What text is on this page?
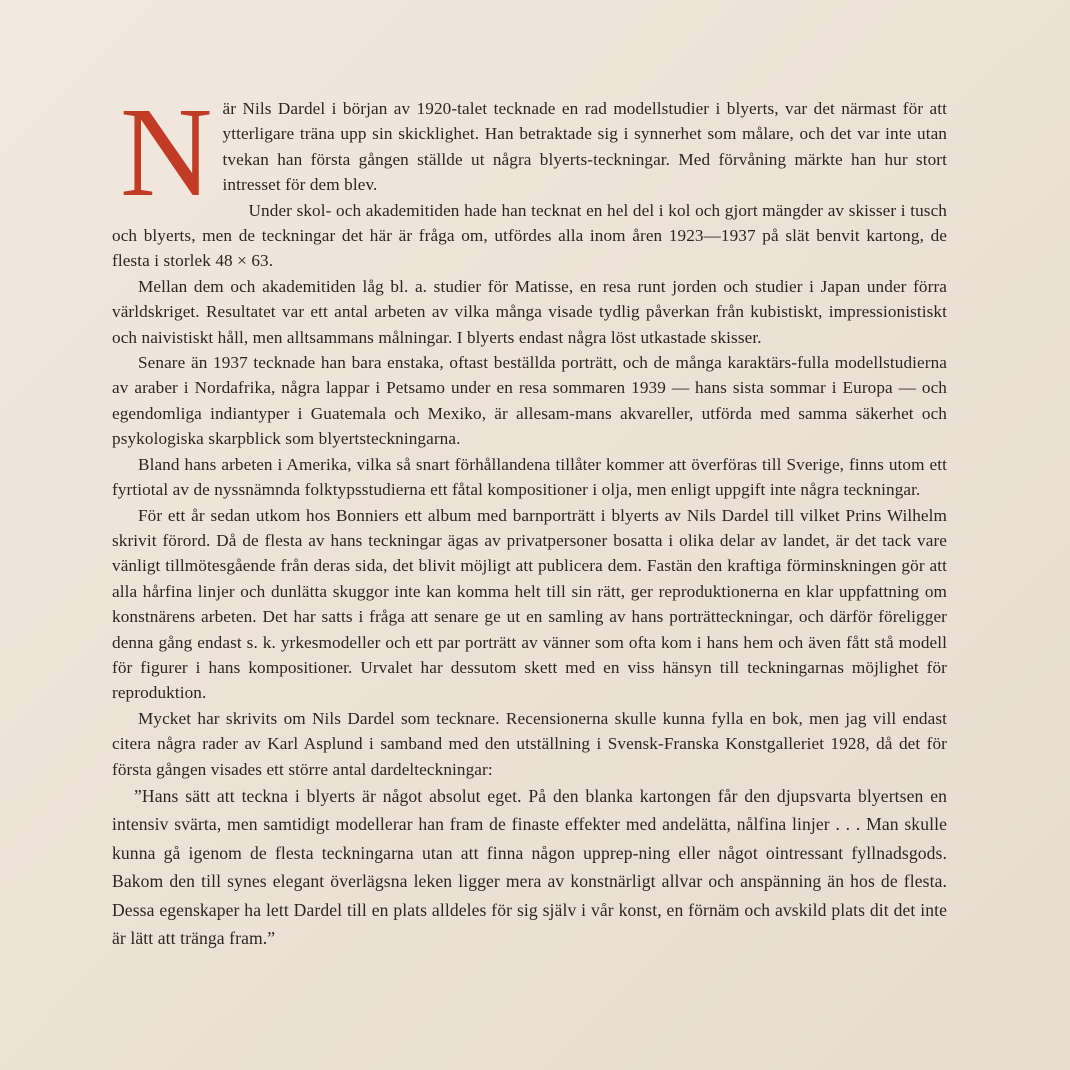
När Nils Dardel i början av 1920-talet tecknade en rad modellstudier i blyerts, var det närmast för att ytterligare träna upp sin skicklighet. Han betraktade sig i synnerhet som målare, och det var inte utan tvekan han första gången ställde ut några blyerts-teckningar. Med förvåning märkte han hur stort intresset för dem blev.

Under skol- och akademitiden hade han tecknat en hel del i kol och gjort mängder av skisser i tusch och blyerts, men de teckningar det här är fråga om, utfördes alla inom åren 1923—1937 på slät benvit kartong, de flesta i storlek 48 × 63.

Mellan dem och akademitiden låg bl. a. studier för Matisse, en resa runt jorden och studier i Japan under förra världskriget. Resultatet var ett antal arbeten av vilka många visade tydlig påverkan från kubistiskt, impressionistiskt och naivistiskt håll, men alltsammans målningar. I blyerts endast några löst utkastade skisser.

Senare än 1937 tecknade han bara enstaka, oftast beställda porträtt, och de många karaktärs-fulla modellstudierna av araber i Nordafrika, några lappar i Petsamo under en resa sommaren 1939 — hans sista sommar i Europa — och egendomliga indiantyper i Guatemala och Mexiko, är allesam-mans akvareller, utförda med samma säkerhet och psykologiska skarpblick som blyertsteckningarna.

Bland hans arbeten i Amerika, vilka så snart förhållandena tillåter kommer att överföras till Sverige, finns utom ett fyrtiotal av de nyssnämnda folktypsstudierna ett fåtal kompositioner i olja, men enligt uppgift inte några teckningar.

För ett år sedan utkom hos Bonniers ett album med barnporträtt i blyerts av Nils Dardel till vilket Prins Wilhelm skrivit förord. Då de flesta av hans teckningar ägas av privatpersoner bosatta i olika delar av landet, är det tack vare vänligt tillmötesgående från deras sida, det blivit möjligt att publicera dem. Fastän den kraftiga förminskningen gör att alla hårfina linjer och dunlätta skuggor inte kan komma helt till sin rätt, ger reproduktionerna en klar uppfattning om konstnärens arbeten. Det har satts i fråga att senare ge ut en samling av hans porträtteckningar, och därför föreligger denna gång endast s. k. yrkesmodeller och ett par porträtt av vänner som ofta kom i hans hem och även fått stå modell för figurer i hans kompositioner. Urvalet har dessutom skett med en viss hänsyn till teckningarnas möjlighet för reproduktion.

Mycket har skrivits om Nils Dardel som tecknare. Recensionerna skulle kunna fylla en bok, men jag vill endast citera några rader av Karl Asplund i samband med den utställning i Svensk-Franska Konstgalleriet 1928, då det för första gången visades ett större antal dardelteckningar:

”Hans sätt att teckna i blyerts är något absolut eget. På den blanka kartongen får den djupsvarta blyertsen en intensiv svärta, men samtidigt modellerar han fram de finaste effekter med andelätta, nålfina linjer . . . Man skulle kunna gå igenom de flesta teckningarna utan att finna någon upprep-ning eller något ointressant fyllnadsgods. Bakom den till synes elegant överlägsna leken ligger mera av konstnärligt allvar och anspänning än hos de flesta. Dessa egenskaper ha lett Dardel till en plats alldeles för sig själv i vår konst, en förnäm och avskild plats dit det inte är lätt att tränga fram.”
